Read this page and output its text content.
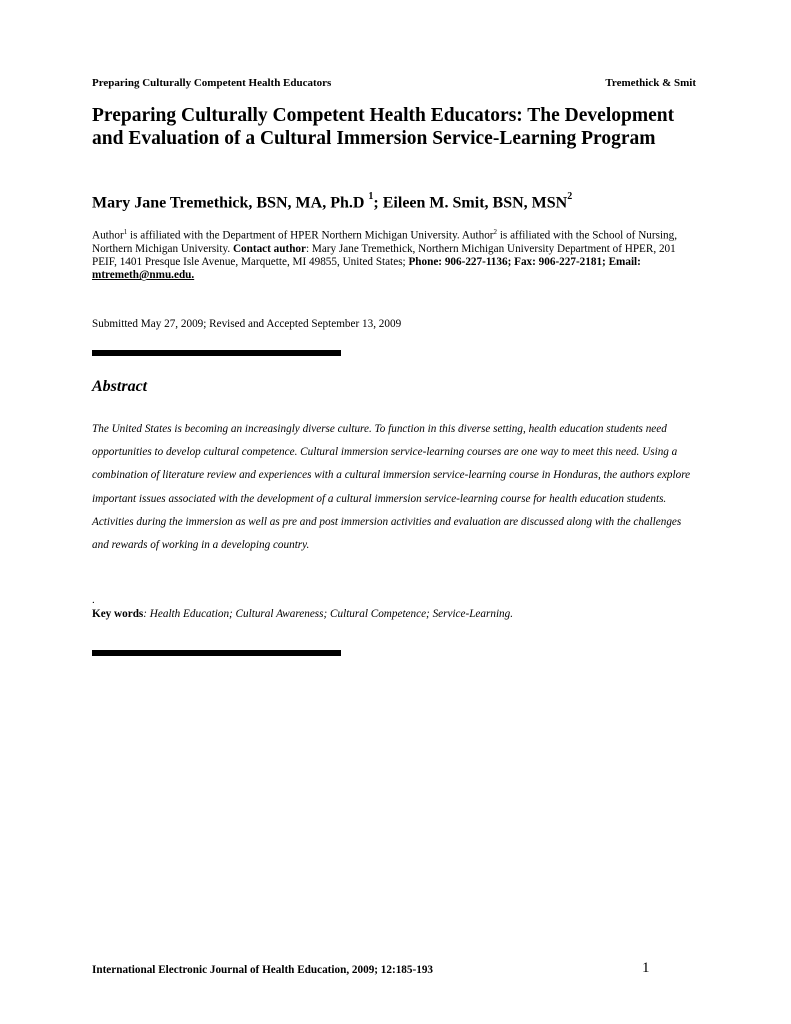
Preparing Culturally Competent Health Educators	Tremethick & Smit
Preparing Culturally Competent Health Educators: The Development and Evaluation of a Cultural Immersion Service-Learning Program
Mary Jane Tremethick, BSN, MA, Ph.D $^1$; Eileen M. Smit, BSN, MSN$^2$
Author$^1$ is affiliated with the Department of HPER Northern Michigan University. Author$^2$ is affiliated with the School of Nursing, Northern Michigan University. Contact author: Mary Jane Tremethick, Northern Michigan University Department of HPER, 201 PEIF, 1401 Presque Isle Avenue, Marquette, MI 49855, United States; Phone: 906-227-1136; Fax: 906-227-2181; Email: mtremeth@nmu.edu.
Submitted May 27, 2009; Revised and Accepted September 13, 2009
Abstract
The United States is becoming an increasingly diverse culture. To function in this diverse setting, health education students need opportunities to develop cultural competence. Cultural immersion service-learning courses are one way to meet this need. Using a combination of literature review and experiences with a cultural immersion service-learning course in Honduras, the authors explore important issues associated with the development of a cultural immersion service-learning course for health education students. Activities during the immersion as well as pre and post immersion activities and evaluation are discussed along with the challenges and rewards of working in a developing country.
.
Key words: Health Education; Cultural Awareness; Cultural Competence; Service-Learning.
International Electronic Journal of Health Education, 2009; 12:185-193	1
